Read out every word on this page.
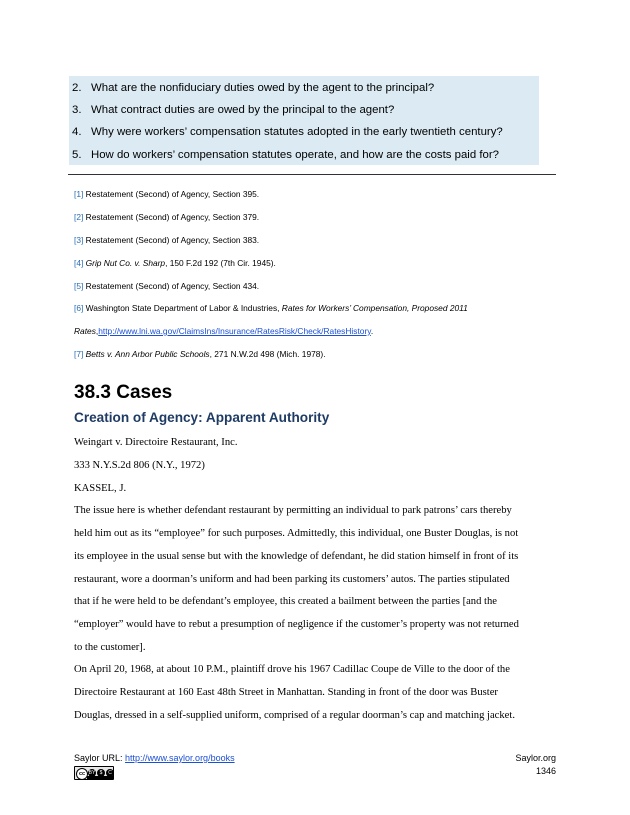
2. What are the nonfiduciary duties owed by the agent to the principal?
3. What contract duties are owed by the principal to the agent?
4. Why were workers’ compensation statutes adopted in the early twentieth century?
5. How do workers’ compensation statutes operate, and how are the costs paid for?
[1] Restatement (Second) of Agency, Section 395.
[2] Restatement (Second) of Agency, Section 379.
[3] Restatement (Second) of Agency, Section 383.
[4] Grip Nut Co. v. Sharp, 150 F.2d 192 (7th Cir. 1945).
[5] Restatement (Second) of Agency, Section 434.
[6] Washington State Department of Labor & Industries, Rates for Workers’ Compensation, Proposed 2011
Rates,http://www.lni.wa.gov/ClaimsIns/Insurance/RatesRisk/Check/RatesHistory.
[7] Betts v. Ann Arbor Public Schools, 271 N.W.2d 498 (Mich. 1978).
38.3 Cases
Creation of Agency: Apparent Authority
Weingart v. Directoire Restaurant, Inc.
333 N.Y.S.2d 806 (N.Y., 1972)
KASSEL, J.
The issue here is whether defendant restaurant by permitting an individual to park patrons’ cars thereby
held him out as its “employee” for such purposes. Admittedly, this individual, one Buster Douglas, is not
its employee in the usual sense but with the knowledge of defendant, he did station himself in front of its
restaurant, wore a doorman’s uniform and had been parking its customers’ autos. The parties stipulated
that if he were held to be defendant’s employee, this created a bailment between the parties [and the
“employer” would have to rebut a presumption of negligence if the customer’s property was not returned
to the customer].
On April 20, 1968, at about 10 P.M., plaintiff drove his 1967 Cadillac Coupe de Ville to the door of the
Directoire Restaurant at 160 East 48th Street in Manhattan. Standing in front of the door was Buster
Douglas, dressed in a self-supplied uniform, comprised of a regular doorman’s cap and matching jacket.
Saylor URL: http://www.saylor.org/books
cc BY $	C
Saylor.org
1346
